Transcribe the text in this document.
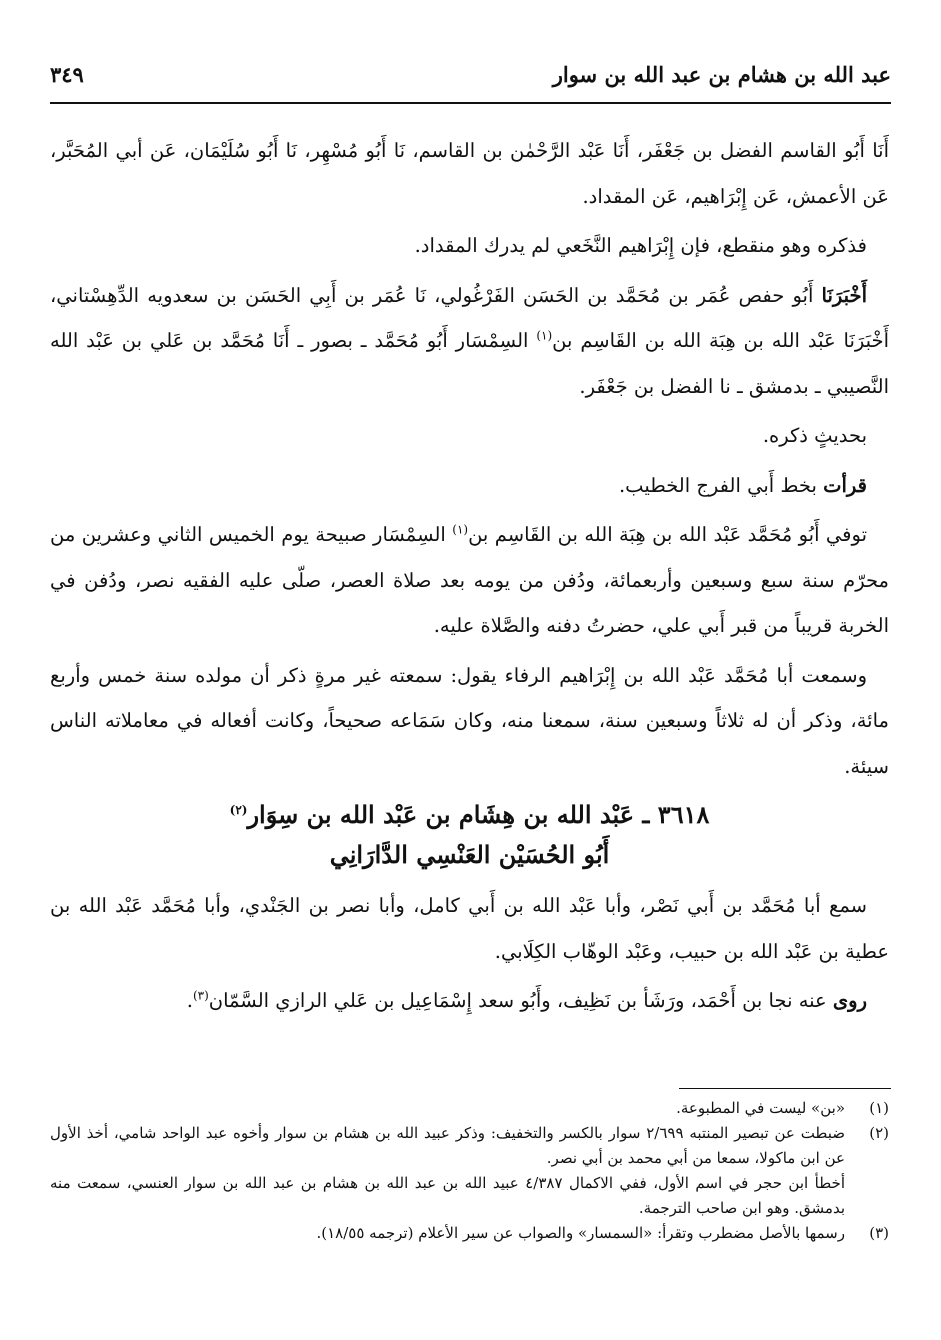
عبد الله بن هشام بن عبد الله بن سوار
٣٤٩

أَنَا أَبُو القاسم الفضل بن جَعْفَر، أَنَا عَبْد الرَّحْمٰن بن القاسم، نَا أَبُو مُسْهِر، نَا أَبُو سُلَيْمَان، عَن أبي المُحَبَّر، عَن الأعمش، عَن إِبْرَاهيم، عَن المقداد.

فذكره وهو منقطع، فإن إِبْرَاهيم النَّخَعي لم يدرك المقداد.

أَخْبَرَنَا أَبُو حفص عُمَر بن مُحَمَّد بن الحَسَن الفَرْغُولي، نَا عُمَر بن أَبِي الحَسَن بن سعدويه الدِّهِسْتاني، أَخْبَرَنَا عَبْد الله بن هِبَة الله بن القَاسِم بن$^{(١)}$ السِمْسَار أَبُو مُحَمَّد ـ بصور ـ أَنَا مُحَمَّد بن عَلي بن عَبْد الله النَّصيبي ـ بدمشق ـ نا الفضل بن جَعْفَر.

بحديثٍ ذكره.

قرأت بخط أَبي الفرج الخطيب.

توفي أَبُو مُحَمَّد عَبْد الله بن هِبَة الله بن القَاسِم بن$^{(١)}$ السِمْسَار صبيحة يوم الخميس الثاني وعشرين من محرّم سنة سبع وسبعين وأربعمائة، ودُفن من يومه بعد صلاة العصر، صلّى عليه الفقيه نصر، ودُفن في الخربة قريباً من قبر أَبي علي، حضرتُ دفنه والصَّلاة عليه.

وسمعت أبا مُحَمَّد عَبْد الله بن إِبْرَاهيم الرفاء يقول: سمعته غير مرةٍ ذكر أن مولده سنة خمس وأربع مائة، وذكر أن له ثلاثاً وسبعين سنة، سمعنا منه، وكان سَمَاعه صحيحاً، وكانت أفعاله في معاملاته الناس سيئة.

٣٦١٨ ـ عَبْد الله بن هِشَام بن عَبْد الله بن سِوَار$^{(٢)}$
أَبُو الحُسَيْن العَنْسِي الدَّارَانِي

سمع أبا مُحَمَّد بن أَبي نَصْر، وأبا عَبْد الله بن أَبي كامل، وأبا نصر بن الجَنْدي، وأبا مُحَمَّد عَبْد الله بن عطية بن عَبْد الله بن حبيب، وعَبْد الوهّاب الكِلَابي.

روى عنه نجا بن أَحْمَد، ورَشَأ بن نَظِيف، وأَبُو سعد إِسْمَاعِيل بن عَلي الرازي السَّمّان$^{(٣)}$.

(١)
«بن» ليست في المطبوعة.
(٢)
ضبطت عن تبصير المنتبه ٢/٦٩٩ سوار بالكسر والتخفيف: وذكر عبيد الله بن هشام بن سوار وأخوه عبد الواحد شامي، أخذ الأول عن ابن ماكولا، سمعا من أبي محمد بن أبي نصر.
أخطأ ابن حجر في اسم الأول، ففي الاكمال ٤/٣٨٧ عبيد الله بن عبد الله بن هشام بن عبد الله بن سوار العنسي، سمعت منه بدمشق. وهو ابن صاحب الترجمة.
(٣)
رسمها بالأصل مضطرب وتقرأ: «السمسار» والصواب عن سير الأعلام (ترجمه ١٨/٥٥).
